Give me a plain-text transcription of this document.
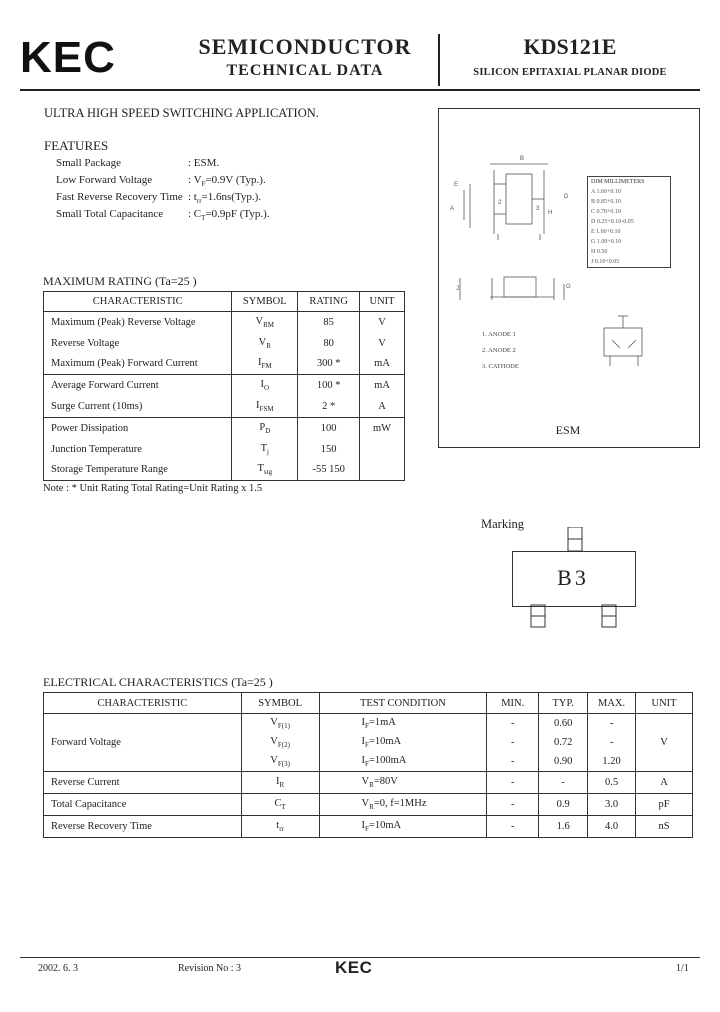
KEC	SEMICONDUCTOR
TECHNICAL DATA
KDS121E
SILICON EPITAXIAL PLANAR DIODE
ULTRA HIGH SPEED SWITCHING APPLICATION.
FEATURES
Small Package	: ESM.
Low Forward Voltage	: $V_F=0.9V$ (Typ.).
Fast Reverse Recovery Time : $t_{rr}=1.6ns(Typ.)$.
Small Total Capacitance : $C_T=0.9pF$ (Typ.).
B
E
A
2
3
H
D
J	G
DIM MILLIMETERS
A 1.60+0.10
B 0.85+0.10
C 0.70+0.10
D 0.25+0.10-0.05
E 1.60+0.10
G 1.00+0.10
H 0.50
J 0.10+0.05
1. ANODE 1
2. ANODE 2
3. CATHODE
ESM
MAXIMUM RATING (Ta=25 )
CHARACTERISTIC	SYMBOL	RATING	UNIT
Maximum (Peak) Reverse Voltage	$V_{RM}$	85	V
Reverse Voltage	$V_R$	80	V
Maximum (Peak) Forward Current	$I_{FM}$	300 *	mA
Average Forward Current	$I_O$	100 *	mA
Surge Current (10ms)	$I_{FSM}$	2 *	A
Power Dissipation	$P_D$	100	mW
Junction Temperature	$T_j$	150	
Storage Temperature Range	$T_{stg}$	-55 150	
Note : * Unit Rating Total Rating=Unit Rating x 1.5
Marking
B3
ELECTRICAL CHARACTERISTICS (Ta=25 )
CHARACTERISTIC	SYMBOL	TEST CONDITION	MIN.	TYP.	MAX.	UNIT
Forward Voltage	$V_{F(1)}$	$I_F=1mA$	-	0.60	-	V
	$V_{F(2)}$	$I_F=10mA$	-	0.72	-	
	$V_{F(3)}$	$I_F=100mA$	-	0.90	1.20	
Reverse Current	$I_R$	$V_R=80V$	-	-	0.5	A
Total Capacitance	$C_T$	$V_R=0$, f=1MHz	-	0.9	3.0	pF
Reverse Recovery Time	$t_{rr}$	$I_F=10mA$	-	1.6	4.0	nS
2002. 6. 3	Revision No : 3	KEC	1/1
